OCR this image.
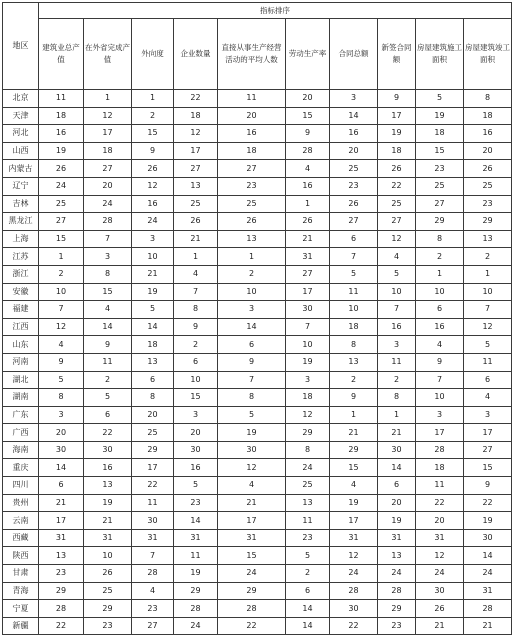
地区	指标排序									
	建筑业总产值	在外省完成产值	外向度	企业数量	直接从事生产经营活动的平均人数	劳动生产率	合同总额	新签合同额	房屋建筑施工面积	房屋建筑竣工面积
北京	11	1	1	22	11	20	3	9	5	8
天津	18	12	2	18	20	15	14	17	19	18
河北	16	17	15	12	16	9	16	19	18	16
山西	19	18	9	17	18	28	20	18	15	20
内蒙古	26	27	26	27	27	4	25	26	23	26
辽宁	24	20	12	13	23	16	23	22	25	25
吉林	25	24	16	25	25	1	26	25	27	23
黑龙江	27	28	24	26	26	26	27	27	29	29
上海	15	7	3	21	13	21	6	12	8	13
江苏	1	3	10	1	1	31	7	4	2	2
浙江	2	8	21	4	2	27	5	5	1	1
安徽	10	15	19	7	10	17	11	10	10	10
福建	7	4	5	8	3	30	10	7	6	7
江西	12	14	14	9	14	7	18	16	16	12
山东	4	9	18	2	6	10	8	3	4	5
河南	9	11	13	6	9	19	13	11	9	11
湖北	5	2	6	10	7	3	2	2	7	6
湖南	8	5	8	15	8	18	9	8	10	4
广东	3	6	20	3	5	12	1	1	3	3
广西	20	22	25	20	19	29	21	21	17	17
海南	30	30	29	30	30	8	29	30	28	27
重庆	14	16	17	16	12	24	15	14	18	15
四川	6	13	22	5	4	25	4	6	11	9
贵州	21	19	11	23	21	13	19	20	22	22
云南	17	21	30	14	17	11	17	19	20	19
西藏	31	31	31	31	31	23	31	31	31	30
陕西	13	10	7	11	15	5	12	13	12	14
甘肃	23	26	28	19	24	2	24	24	24	24
青海	29	25	4	29	29	6	28	28	30	31
宁夏	28	29	23	28	28	14	30	29	26	28
新疆	22	23	27	24	22	14	22	23	21	21
